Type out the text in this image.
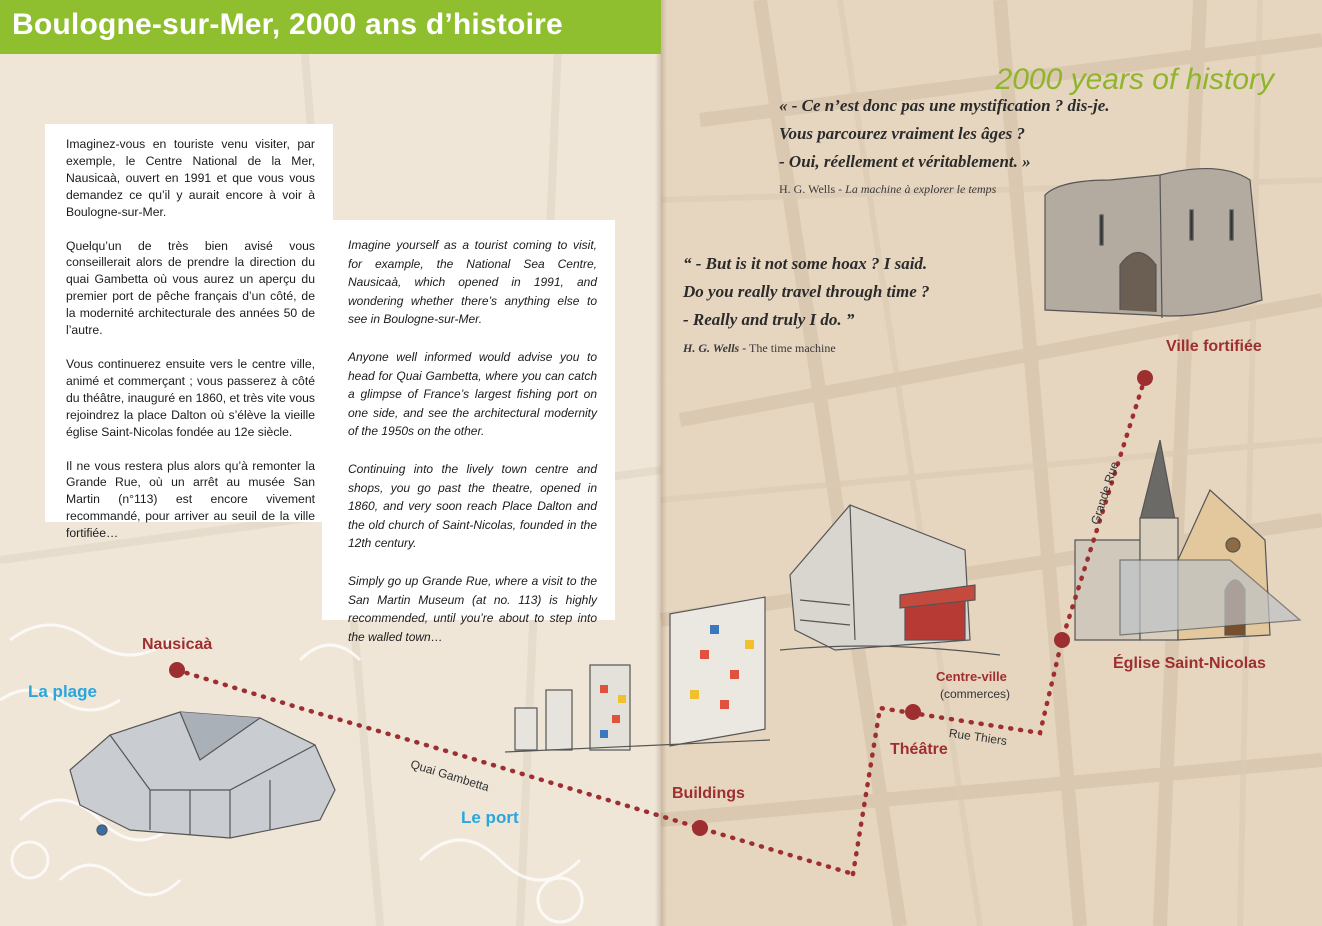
Boulogne-sur-Mer, 2000 ans d’histoire
2000 years of history

Imaginez-vous en touriste venu visiter, par exemple, le Centre National de la Mer, Nausicaà, ouvert en 1991 et que vous vous demandez ce qu’il y aurait encore à voir à Boulogne-sur-Mer.

Quelqu’un de très bien avisé vous conseillerait alors de prendre la direction du quai Gambetta où vous aurez un aperçu du premier port de pêche français d’un côté, de la modernité architecturale des années 50 de l’autre.

Vous continuerez ensuite vers le centre ville, animé et commerçant ; vous passerez à côté du théâtre, inauguré en 1860, et très vite vous rejoindrez la place Dalton où s’élève la vieille église Saint-Nicolas fondée au 12e siècle.

Il ne vous restera plus alors qu’à remonter la Grande Rue, où un arrêt au musée San Martin (n°113) est encore vivement recommandé, pour arriver au seuil de la ville fortifiée…

Imagine yourself as a tourist coming to visit, for example, the National Sea Centre, Nausicaà, which opened in 1991, and wondering whether there’s anything else to see in Boulogne-sur-Mer.

Anyone well informed would advise you to head for Quai Gambetta, where you can catch a glimpse of France’s largest fishing port on one side, and see the architectural modernity of the 1950s on the other.

Continuing into the lively town centre and shops, you go past the theatre, opened in 1860, and very soon reach Place Dalton and the old church of Saint-Nicolas, founded in the 12th century.

Simply go up Grande Rue, where a visit to the San Martin Museum (at no. 113) is highly recommended, until you’re about to step into the walled town…

« - Ce n’est donc pas une mystification ? dis-je.
Vous parcourez vraiment les âges ?
- Oui, réellement et véritablement. »
H. G. Wells - La machine à explorer le temps
“ - But is it not some hoax ? I said.
Do you really travel through time ?
- Really and truly I do. ”
H. G. Wells - The time machine
Nausicaà
La plage
Le port
Buildings
Théâtre
Centre-ville
(commerces)
Église Saint-Nicolas
Ville fortifiée
Quai Gambetta
Rue Thiers
Grande Rue
